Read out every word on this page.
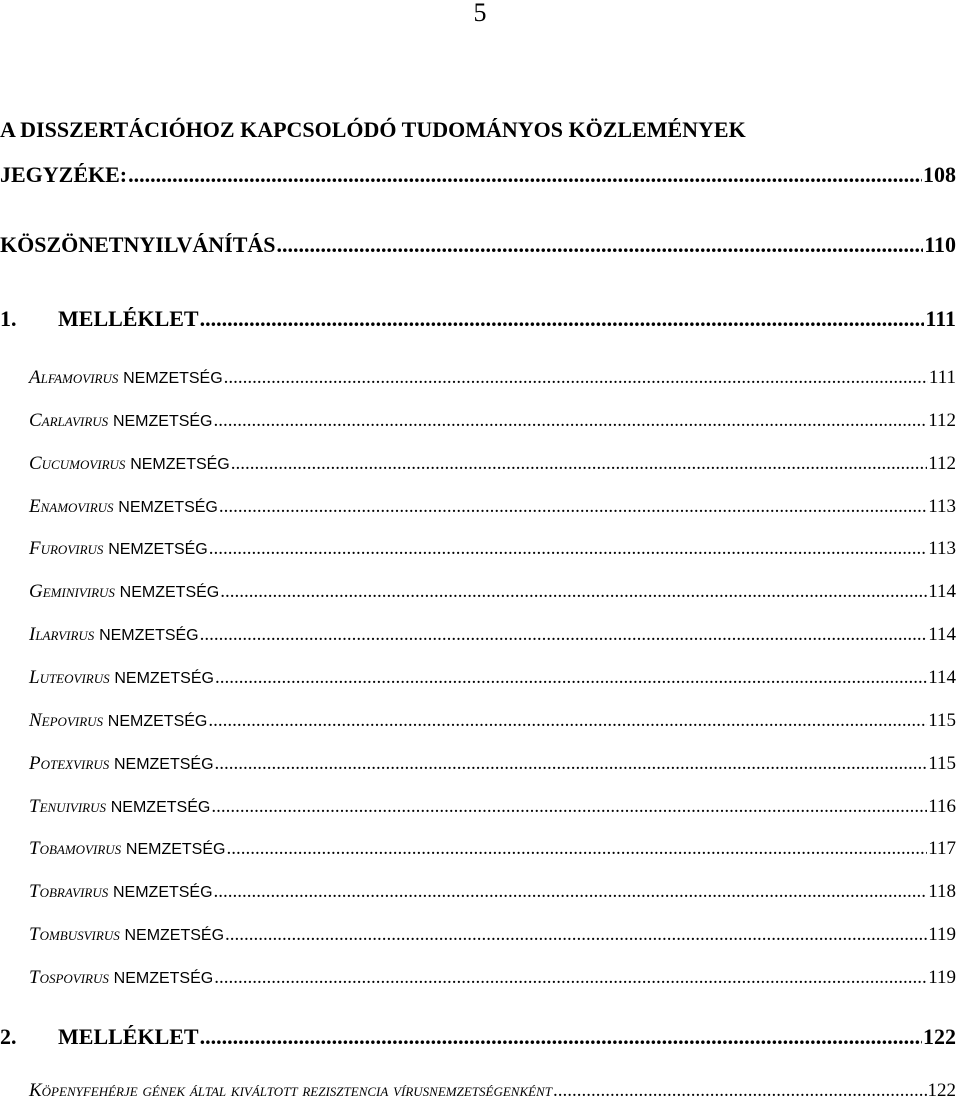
5
A DISSZERTÁCIÓHOZ KAPCSOLÓDÓ TUDOMÁNYOS KÖZLEMÉNYEK
JEGYZÉKE: .....	108
KÖSZÖNETNYILVÁNÍTÁS .....	110
1. MELLÉKLET .....	111
Alfamovirus NEMZETSÉG .....	111
Carlavirus NEMZETSÉG .....	112
Cucumovirus NEMZETSÉG .....	112
Enamovirus NEMZETSÉG .....	113
Furovirus NEMZETSÉG .....	113
Geminivirus NEMZETSÉG .....	114
Ilarvirus NEMZETSÉG .....	114
Luteovirus NEMZETSÉG .....	114
Nepovirus NEMZETSÉG .....	115
Potexvirus NEMZETSÉG .....	115
Tenuivirus NEMZETSÉG .....	116
Tobamovirus NEMZETSÉG .....	117
Tobravirus NEMZETSÉG .....	118
Tombusvirus NEMZETSÉG .....	119
Tospovirus NEMZETSÉG .....	119
2. MELLÉKLET .....	122
Köpenyfehérje gének által kiváltott rezisztencia vírusnemzetségenként .....	122
